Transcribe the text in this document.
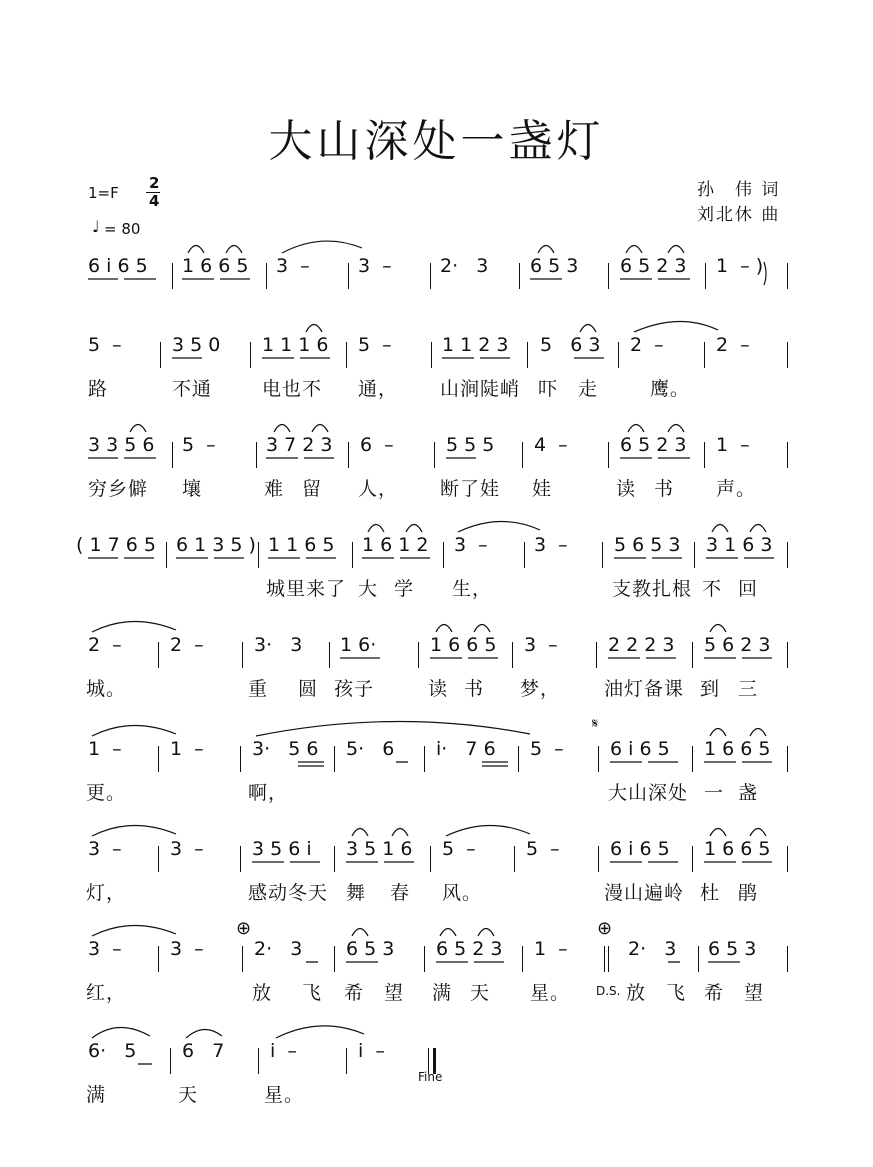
大山深处一盏灯
1=F
2
4
♩ = 80
孙　伟 词
刘北休 曲
6 i 6 5 1 6 6 5 3  –	3  –	2·   3 6 5 3 6 5 2 3 1  – )
5  –	3 5 0 1 1 1 6 5  –	1 1 2 3 5   6 3 2  –	2  –
路	不通	电也不 通， 山涧陡峭 吓 走	鹰。
3 3 5 6 5  –	3 7 2 3 6  –	5 5 5 4  –	6 5 2 3 1  –
穷乡僻 壤	难 留 人， 断了娃 娃	读 书 声。
( 1 7 6 5 6 1 3 5 ) 1 1 6 5 1 6 1 2 3  – 3  – 5 6 5 3 3 1 6 3
城里来了 大 学 生，	支教扎根 不 回
2  –	2  –	3·   3 1 6·	1 6 6 5 3  –	2 2 2 3 5 6 2 3
城。	重 圆 孩子	读 书 梦， 油灯备课 到 三
1  –	1  –	3·   5 6 5·   6 i·   7 6 5  – 6 i 6 5 1 6 6 5
更。	啊，	大山深处 一 盏
3  –	3  –	3 5 6 i 3 5 1 6 5  –	5  –	6 i 6 5 1 6 6 5
灯，	感动冬天 舞 春 风。	漫山遍岭 杜 鹃
3  –	3  –	2·   3 6 5 3 6 5 2 3 1  –	2·   3 6 5 3
红，	放 飞 希 望 满 天 星。	放 飞 希 望
D.S.
6·   5 6   7 i  –	i  –
满	天	星。
Fine
𝄋
⊕	⊕
